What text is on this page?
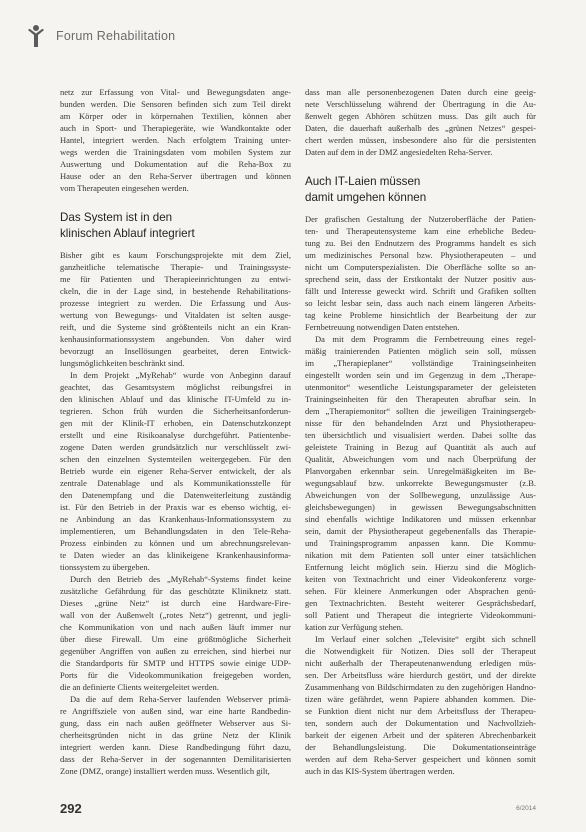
Forum Rehabilitation
netz zur Erfassung von Vital- und Bewegungsdaten ange-
bunden werden. Die Sensoren befinden sich zum Teil direkt
am Körper oder in körpernahen Textilien, können aber
auch in Sport- und Therapiegeräte, wie Wandkontakte oder
Hantel, integriert werden. Nach erfolgtem Training unter-
wegs werden die Trainingsdaten vom mobilen System zur
Auswertung und Dokumentation auf die Reha-Box zu
Hause oder an den Reha-Server übertragen und können
vom Therapeuten eingesehen werden.
Das System ist in den
klinischen Ablauf integriert
Bisher gibt es kaum Forschungsprojekte mit dem Ziel,
ganzheitliche telematische Therapie- und Trainingssyste-
me für Patienten und Therapieeinrichtungen zu entwi-
ckeln, die in der Lage sind, in bestehende Rehabilitations-
prozesse integriert zu werden. Die Erfassung und Aus-
wertung von Bewegungs- und Vitaldaten ist selten ausge-
reift, und die Systeme sind größtenteils nicht an ein Kran-
kenhausinformationssystem angebunden. Von daher wird
bevorzugt an Insellösungen gearbeitet, deren Entwick-
lungsmöglichkeiten beschränkt sind.
In dem Projekt „MyRehab“ wurde von Anbeginn darauf
geachtet, das Gesamtsystem möglichst reibungsfrei in
den klinischen Ablauf und das klinische IT-Umfeld zu in-
tegrieren. Schon früh wurden die Sicherheitsanforderun-
gen mit der Klinik-IT erhoben, ein Datenschutzkonzept
erstellt und eine Risikoanalyse durchgeführt. Patientenbe-
zogene Daten werden grundsätzlich nur verschlüsselt zwi-
schen den einzelnen Systemteilen weitergegeben. Für den
Betrieb wurde ein eigener Reha-Server entwickelt, der als
zentrale Datenablage und als Kommunikationsstelle für
den Datenempfang und die Datenweiterleitung zuständig
ist. Für den Betrieb in der Praxis war es ebenso wichtig, ei-
ne Anbindung an das Krankenhaus-Informationssystem zu
implementieren, um Behandlungsdaten in den Tele-Reha-
Prozess einbinden zu können und um abrechnungsrelevan-
te Daten wieder an das klinikeigene Krankenhausinforma-
tionssystem zu übergeben.
Durch den Betrieb des „MyRehab“-Systems findet keine
zusätzliche Gefährdung für das geschützte Kliniknetz statt.
Dieses „grüne Netz“ ist durch eine Hardware-Fire-
wall von der Außenwelt („rotes Netz“) getrennt, und jegli-
che Kommunikation von und nach außen läuft immer nur
über diese Firewall. Um eine größtmögliche Sicherheit
gegenüber Angriffen von außen zu erreichen, sind hierbei nur
die Standardports für SMTP und HTTPS sowie einige UDP-
Ports für die Videokommunikation freigegeben worden,
die an definierte Clients weitergeleitet werden.
Da die auf dem Reha-Server laufenden Webserver primä-
re Angriffsziele von außen sind, war eine harte Randbedin-
gung, dass ein nach außen geöffneter Webserver aus Si-
cherheitsgründen nicht in das grüne Netz der Klinik
integriert werden kann. Diese Randbedingung führt dazu,
dass der Reha-Server in der sogenannten Demilitarisierten
Zone (DMZ, orange) installiert werden muss. Wesentlich gilt,
dass man alle personenbezogenen Daten durch eine geeig-
nete Verschlüsselung während der Übertragung in die Au-
ßenwelt gegen Abhören schützen muss. Das gilt auch für
Daten, die dauerhaft außerhalb des „grünen Netzes“ gespei-
chert werden müssen, insbesondere also für die persistenten
Daten auf dem in der DMZ angesiedelten Reha-Server.
Auch IT-Laien müssen
damit umgehen können
Der grafischen Gestaltung der Nutzeroberfläche der Patien-
ten- und Therapeutensysteme kam eine erhebliche Bedeu-
tung zu. Bei den Endnutzern des Programms handelt es sich
um medizinisches Personal bzw. Physiotherapeuten – und
nicht um Computerspezialisten. Die Oberfläche sollte so an-
sprechend sein, dass der Erstkontakt der Nutzer positiv aus-
fällt und Interesse geweckt wird. Schrift und Grafiken sollten
so leicht lesbar sein, dass auch nach einem längeren Arbeits-
tag keine Probleme hinsichtlich der Bearbeitung der zur
Fernbetreuung notwendigen Daten entstehen.
Da mit dem Programm die Fernbetreuung eines regel-
mäßig trainierenden Patienten möglich sein soll, müssen
im „Therapieplaner“ vollständige Trainingseinheiten
eingestellt worden sein und im Gegenzug in dem „Therape-
utenmonitor“ wesentliche Leistungsparameter der geleisteten
Trainingseinheiten für den Therapeuten abrufbar sein. In
dem „Therapiemonitor“ sollten die jeweiligen Trainingsergeb-
nisse für den behandelnden Arzt und Physiotherapeu-
ten übersichtlich und visualisiert werden. Dabei sollte das
geleistete Training in Bezug auf Quantität als auch auf
Qualität, Abweichungen vom und nach Überprüfung der
Planvorgaben erkennbar sein. Unregelmäßigkeiten im Be-
wegungsablauf bzw. unkorrekte Bewegungsmuster (z.B.
Abweichungen von der Sollbewegung, unzulässige Aus-
gleichsbewegungen) in gewissen Bewegungsabschnitten
sind ebenfalls wichtige Indikatoren und müssen erkennbar
sein, damit der Physiotherapeut gegebenenfalls das Therapie-
und Trainingsprogramm anpassen kann. Die Kommu-
nikation mit dem Patienten soll unter einer tatsächlichen
Entfernung leicht möglich sein. Hierzu sind die Möglich-
keiten von Textnachricht und einer Videokonferenz vorge-
sehen. Für kleinere Anmerkungen oder Absprachen genü-
gen Textnachrichten. Besteht weiterer Gesprächsbedarf,
soll Patient und Therapeut die integrierte Videokommuni-
kation zur Verfügung stehen.
Im Verlauf einer solchen „Televisite“ ergibt sich schnell
die Notwendigkeit für Notizen. Dies soll der Therapeut
nicht außerhalb der Therapeutenanwendung erledigen müs-
sen. Der Arbeitsfluss wäre hierdurch gestört, und der direkte
Zusammenhang von Bildschirmdaten zu den zugehörigen Handno-
tizen wäre gefährdet, wenn Papiere abhanden kommen. Die-
se Funktion dient nicht nur dem Arbeitsfluss der Therapeu-
ten, sondern auch der Dokumentation und Nachvollzieh-
barkeit der eigenen Arbeit und der späteren Abrechenbarkeit
der Behandlungsleistung. Die Dokumentationseinträge
werden auf dem Reha-Server gespeichert und können somit
auch in das KIS-System übertragen werden.
292	6/2014
